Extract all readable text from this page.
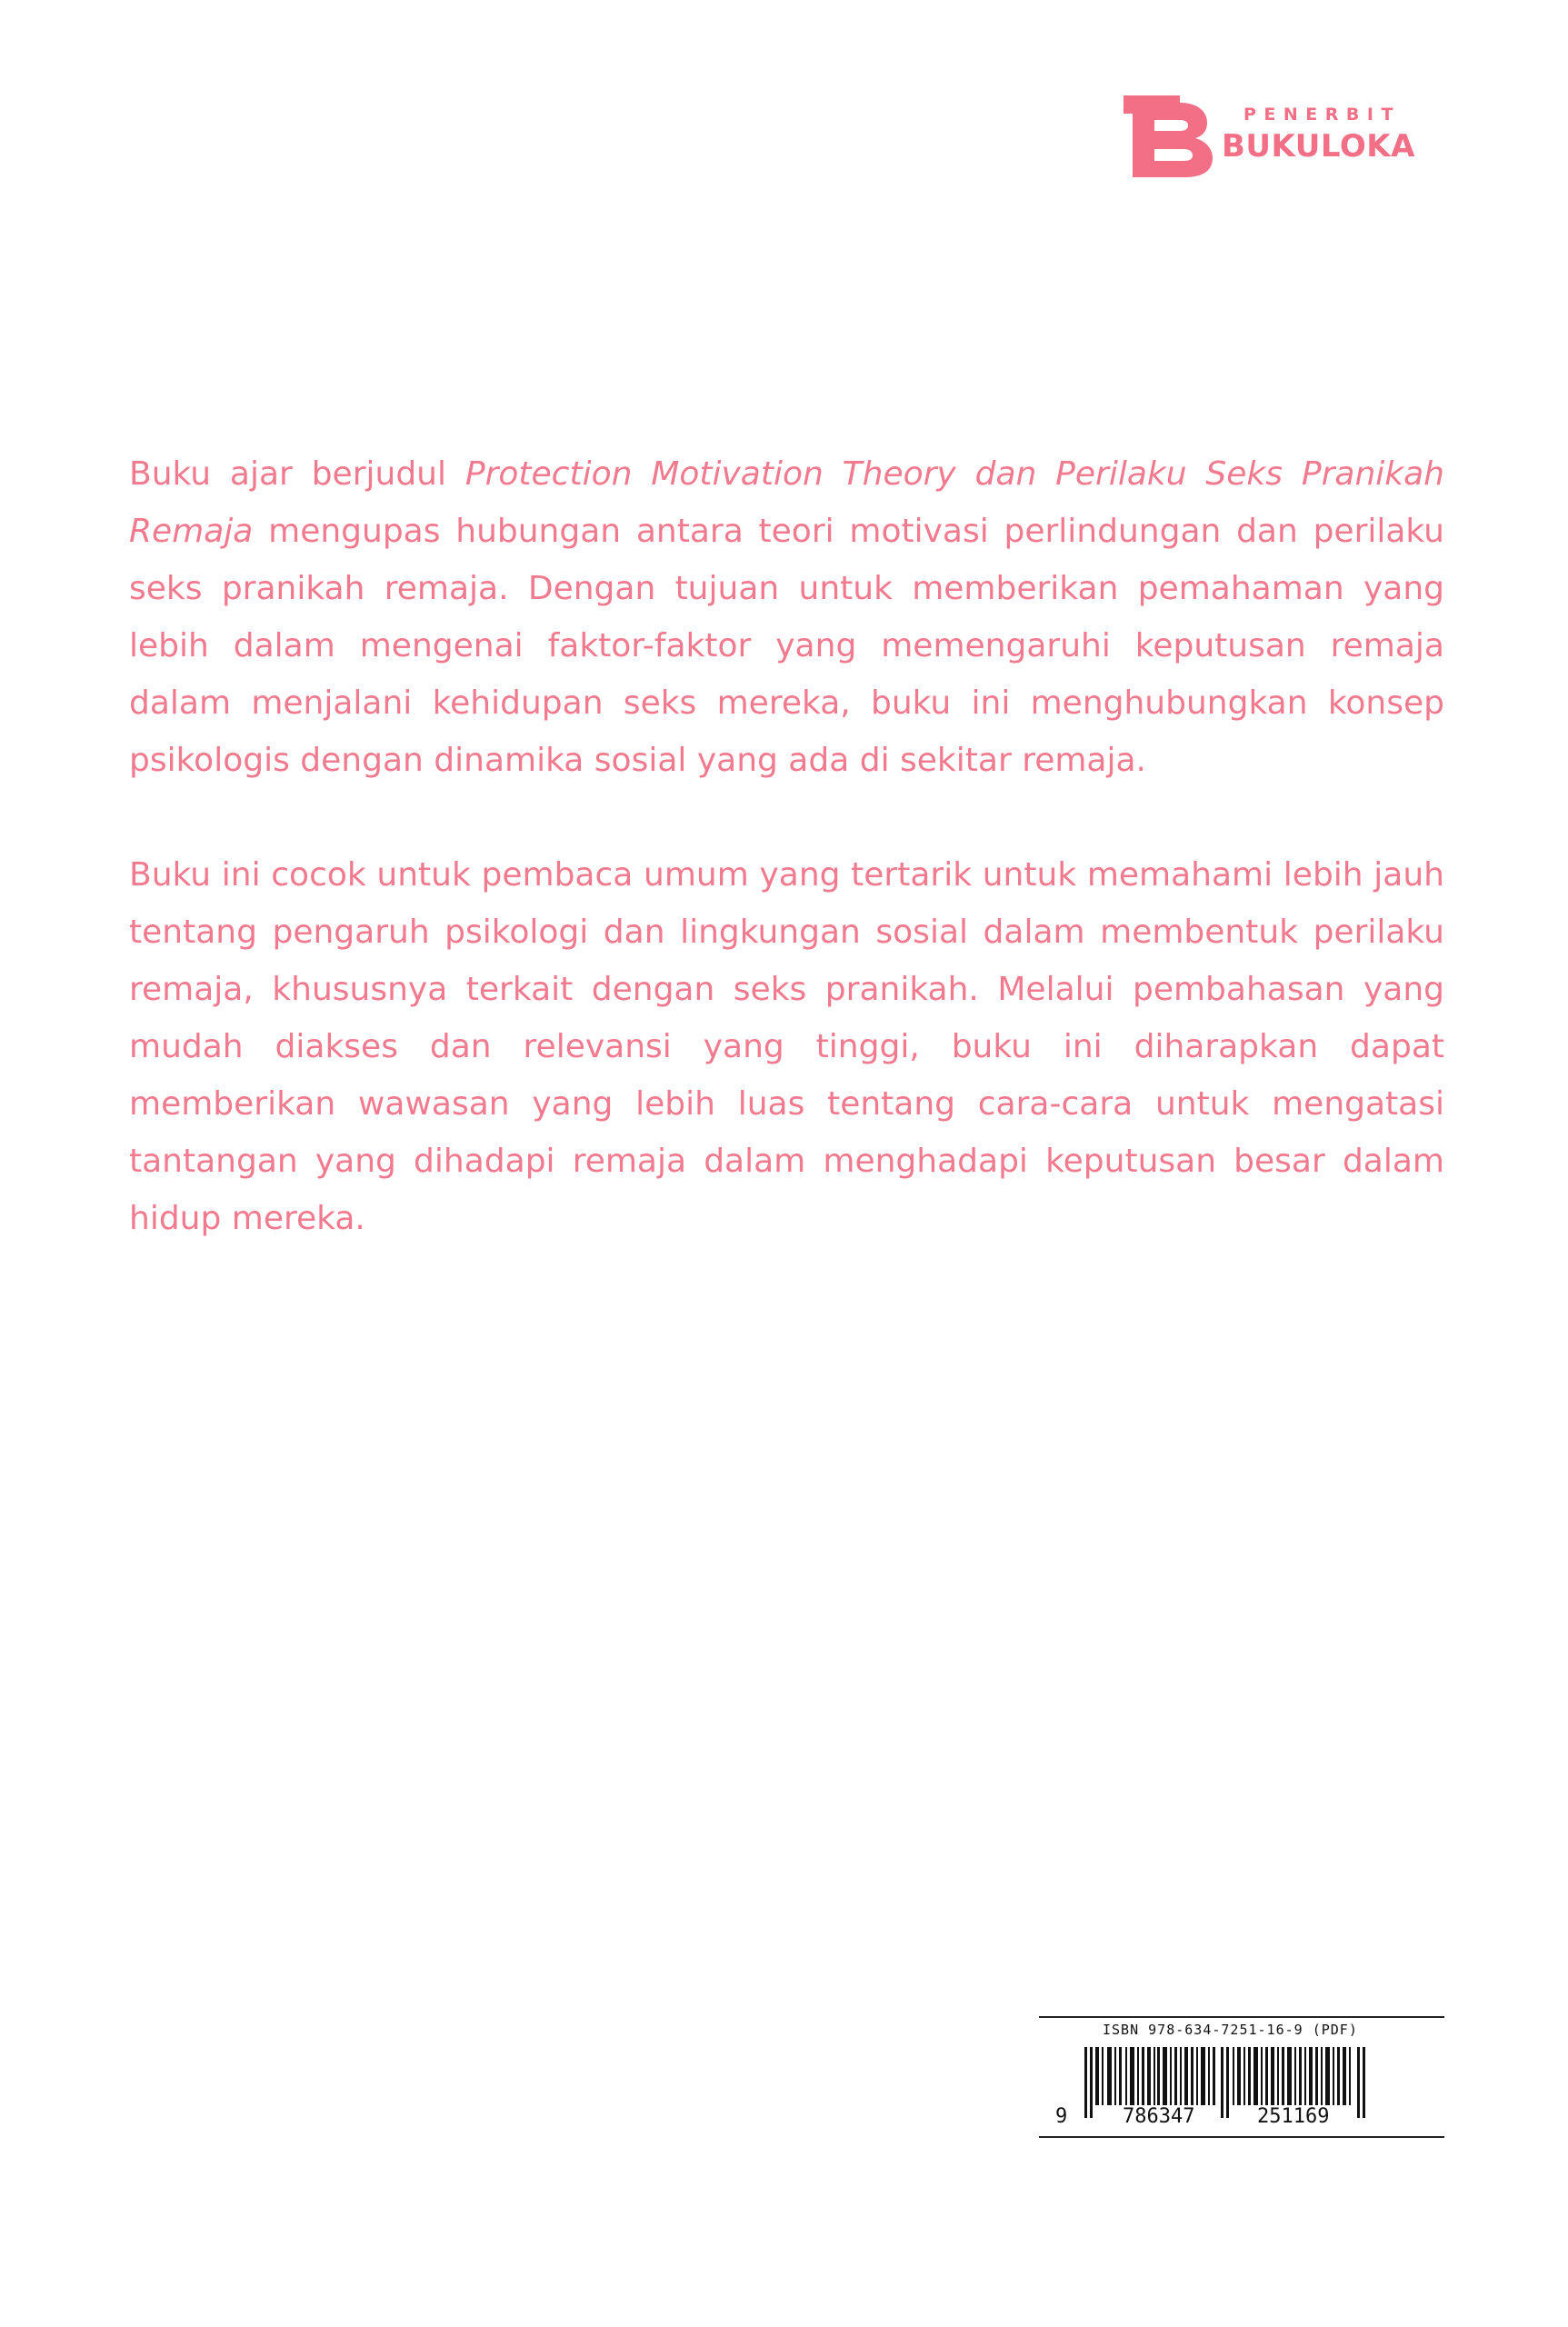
PENERBIT
BUKULOKA

Buku ajar berjudul Protection Motivation Theory dan Perilaku Seks Pranikah Remaja mengupas hubungan antara teori motivasi perlindungan dan perilaku seks pranikah remaja. Dengan tujuan untuk memberikan pemahaman yang lebih dalam mengenai faktor-faktor yang memengaruhi keputusan remaja dalam menjalani kehidupan seks mereka, buku ini menghubungkan konsep psikologis dengan dinamika sosial yang ada di sekitar remaja.

Buku ini cocok untuk pembaca umum yang tertarik untuk memahami lebih jauh tentang pengaruh psikologi dan lingkungan sosial dalam membentuk perilaku remaja, khususnya terkait dengan seks pranikah. Melalui pembahasan yang mudah diakses dan relevansi yang tinggi, buku ini diharapkan dapat memberikan wawasan yang lebih luas tentang cara-cara untuk mengatasi tantangan yang dihadapi remaja dalam menghadapi keputusan besar dalam hidup mereka.

ISBN 978-634-7251-16-9 (PDF)
9	786347	251169
